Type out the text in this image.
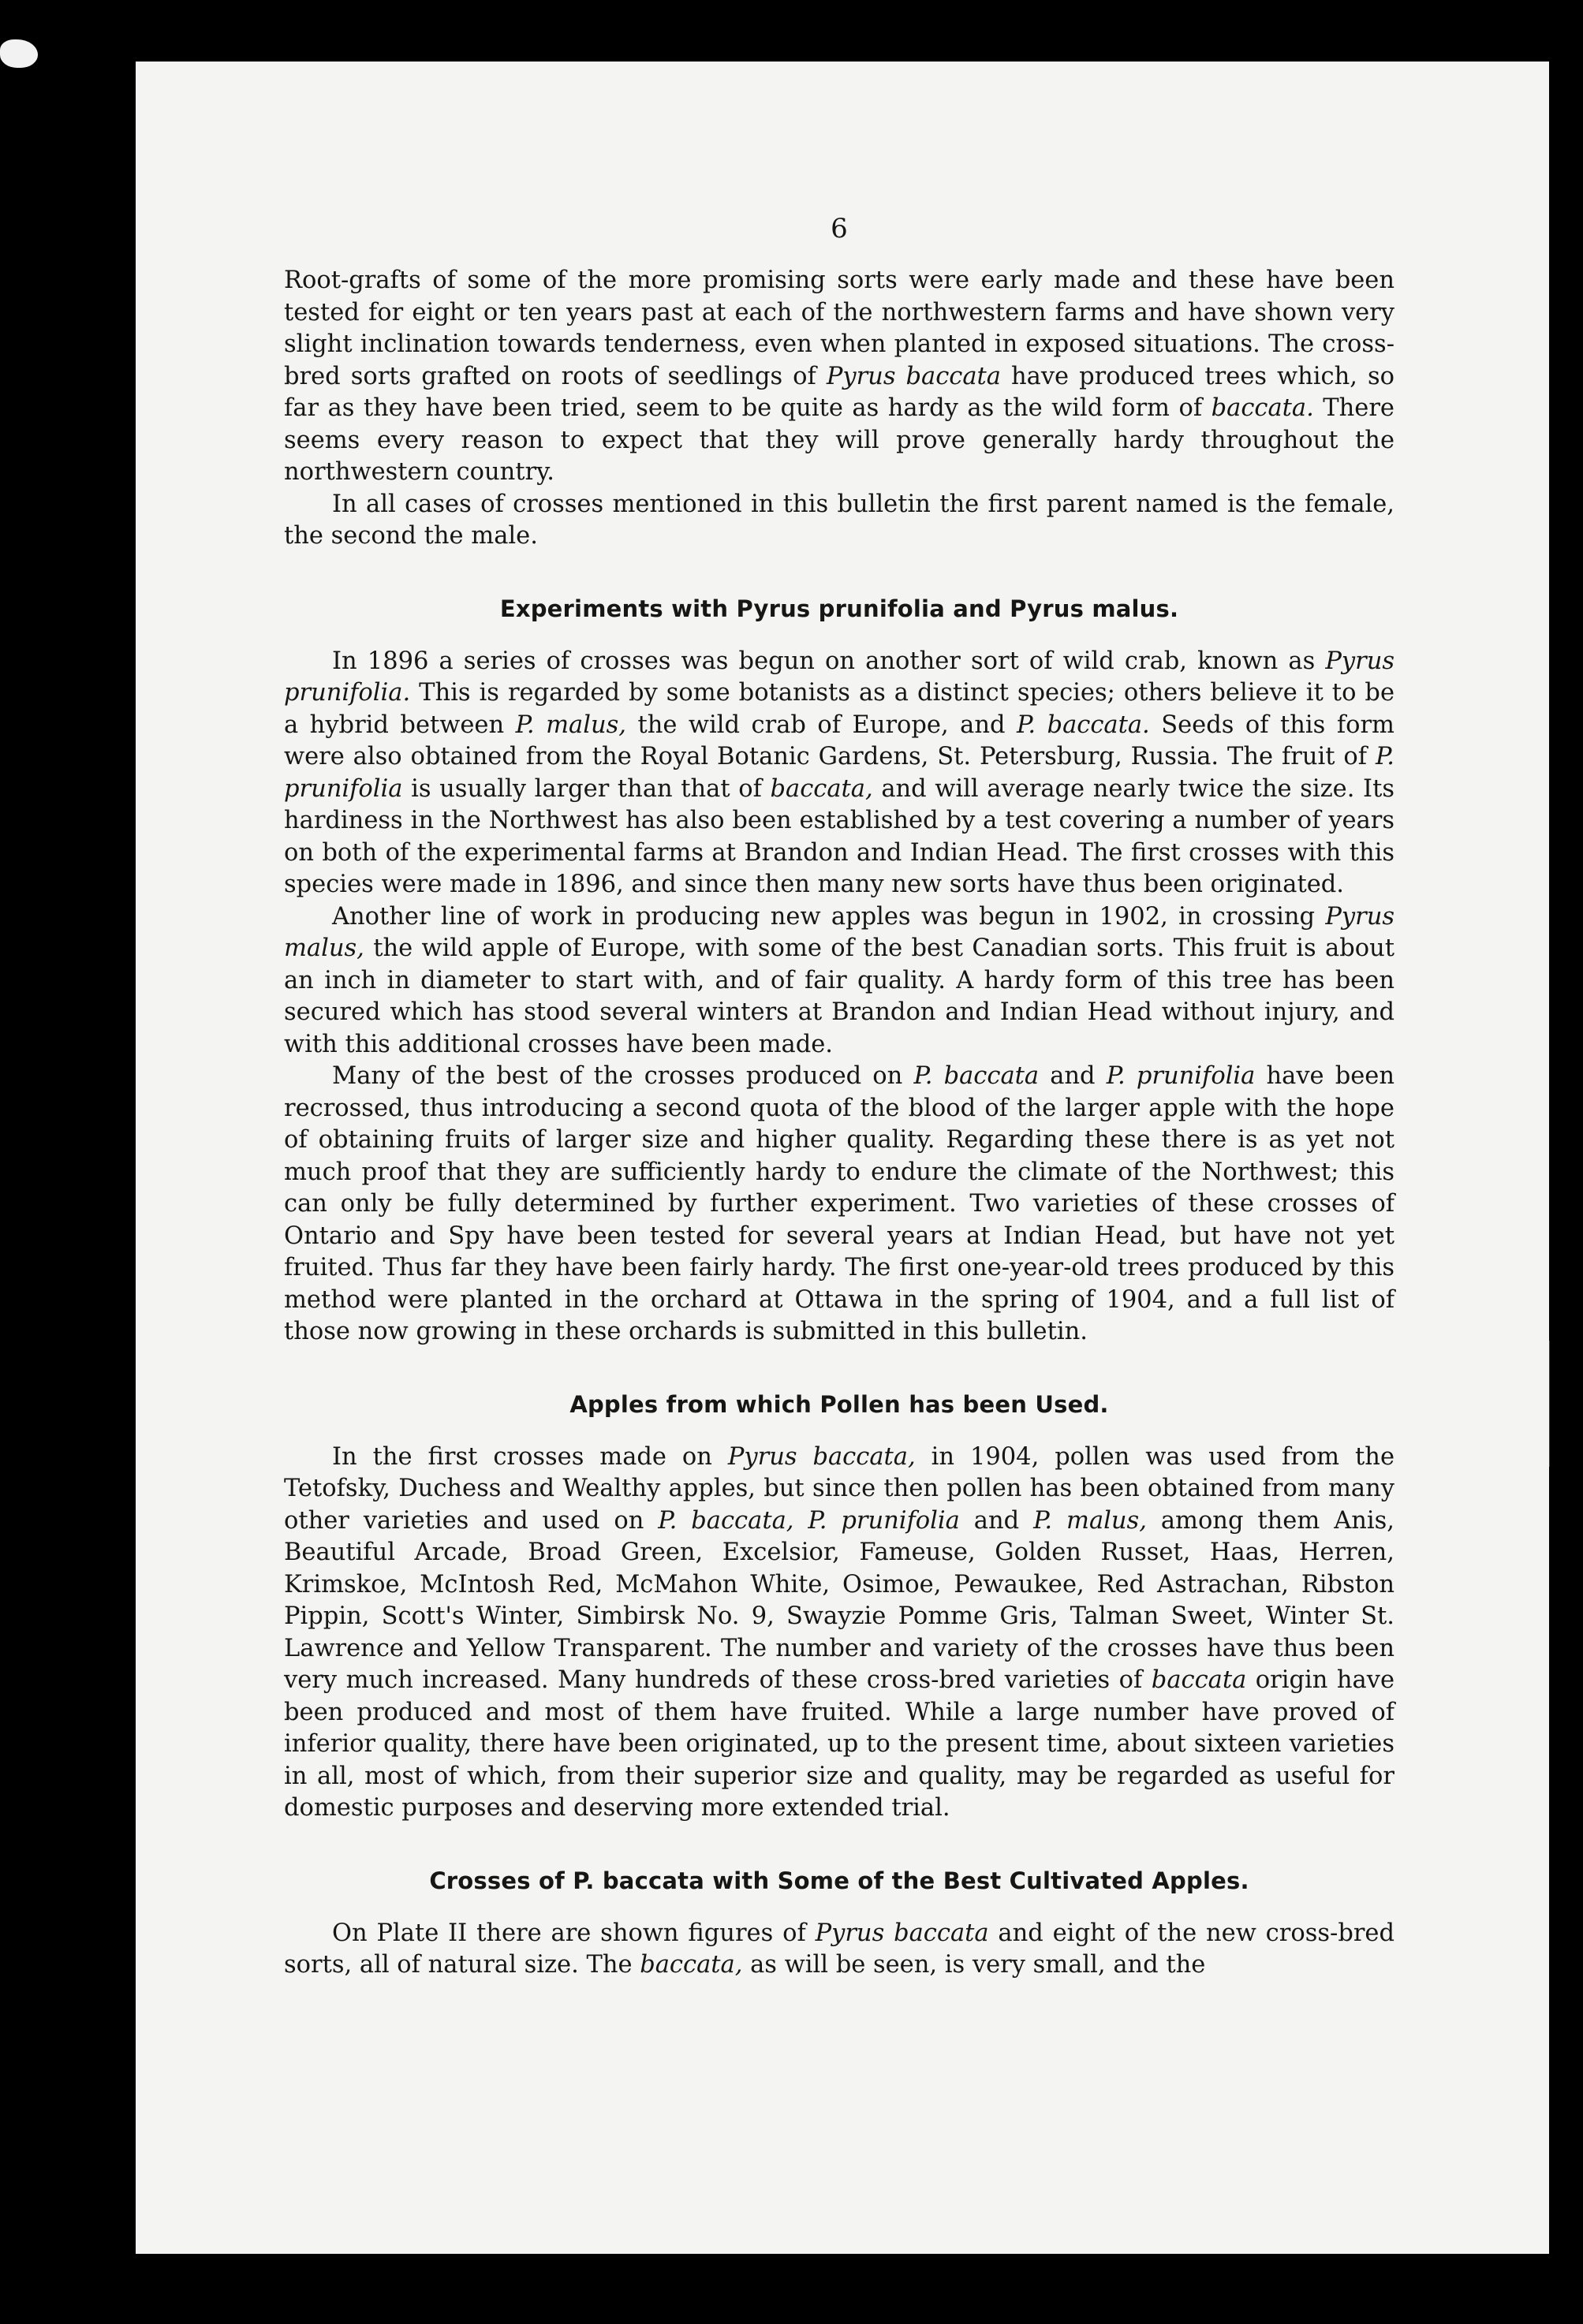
6

Root-grafts of some of the more promising sorts were early made and these have been tested for eight or ten years past at each of the northwestern farms and have shown very slight inclination towards tenderness, even when planted in exposed situations. The cross-bred sorts grafted on roots of seedlings of Pyrus baccata have produced trees which, so far as they have been tried, seem to be quite as hardy as the wild form of baccata. There seems every reason to expect that they will prove generally hardy throughout the northwestern country.

In all cases of crosses mentioned in this bulletin the first parent named is the female, the second the male.

Experiments with Pyrus prunifolia and Pyrus malus.

In 1896 a series of crosses was begun on another sort of wild crab, known as Pyrus prunifolia. This is regarded by some botanists as a distinct species; others believe it to be a hybrid between P. malus, the wild crab of Europe, and P. baccata. Seeds of this form were also obtained from the Royal Botanic Gardens, St. Petersburg, Russia. The fruit of P. prunifolia is usually larger than that of baccata, and will average nearly twice the size. Its hardiness in the Northwest has also been established by a test covering a number of years on both of the experimental farms at Brandon and Indian Head. The first crosses with this species were made in 1896, and since then many new sorts have thus been originated.

Another line of work in producing new apples was begun in 1902, in crossing Pyrus malus, the wild apple of Europe, with some of the best Canadian sorts. This fruit is about an inch in diameter to start with, and of fair quality. A hardy form of this tree has been secured which has stood several winters at Brandon and Indian Head without injury, and with this additional crosses have been made.

Many of the best of the crosses produced on P. baccata and P. prunifolia have been recrossed, thus introducing a second quota of the blood of the larger apple with the hope of obtaining fruits of larger size and higher quality. Regarding these there is as yet not much proof that they are sufficiently hardy to endure the climate of the Northwest; this can only be fully determined by further experiment. Two varieties of these crosses of Ontario and Spy have been tested for several years at Indian Head, but have not yet fruited. Thus far they have been fairly hardy. The first one-year-old trees produced by this method were planted in the orchard at Ottawa in the spring of 1904, and a full list of those now growing in these orchards is submitted in this bulletin.

Apples from which Pollen has been Used.

In the first crosses made on Pyrus baccata, in 1904, pollen was used from the Tetofsky, Duchess and Wealthy apples, but since then pollen has been obtained from many other varieties and used on P. baccata, P. prunifolia and P. malus, among them Anis, Beautiful Arcade, Broad Green, Excelsior, Fameuse, Golden Russet, Haas, Herren, Krimskoe, McIntosh Red, McMahon White, Osimoe, Pewaukee, Red Astrachan, Ribston Pippin, Scott's Winter, Simbirsk No. 9, Swayzie Pomme Gris, Talman Sweet, Winter St. Lawrence and Yellow Transparent. The number and variety of the crosses have thus been very much increased. Many hundreds of these cross-bred varieties of baccata origin have been produced and most of them have fruited. While a large number have proved of inferior quality, there have been originated, up to the present time, about sixteen varieties in all, most of which, from their superior size and quality, may be regarded as useful for domestic purposes and deserving more extended trial.

Crosses of P. baccata with Some of the Best Cultivated Apples.

On Plate II there are shown figures of Pyrus baccata and eight of the new cross-bred sorts, all of natural size. The baccata, as will be seen, is very small, and the
